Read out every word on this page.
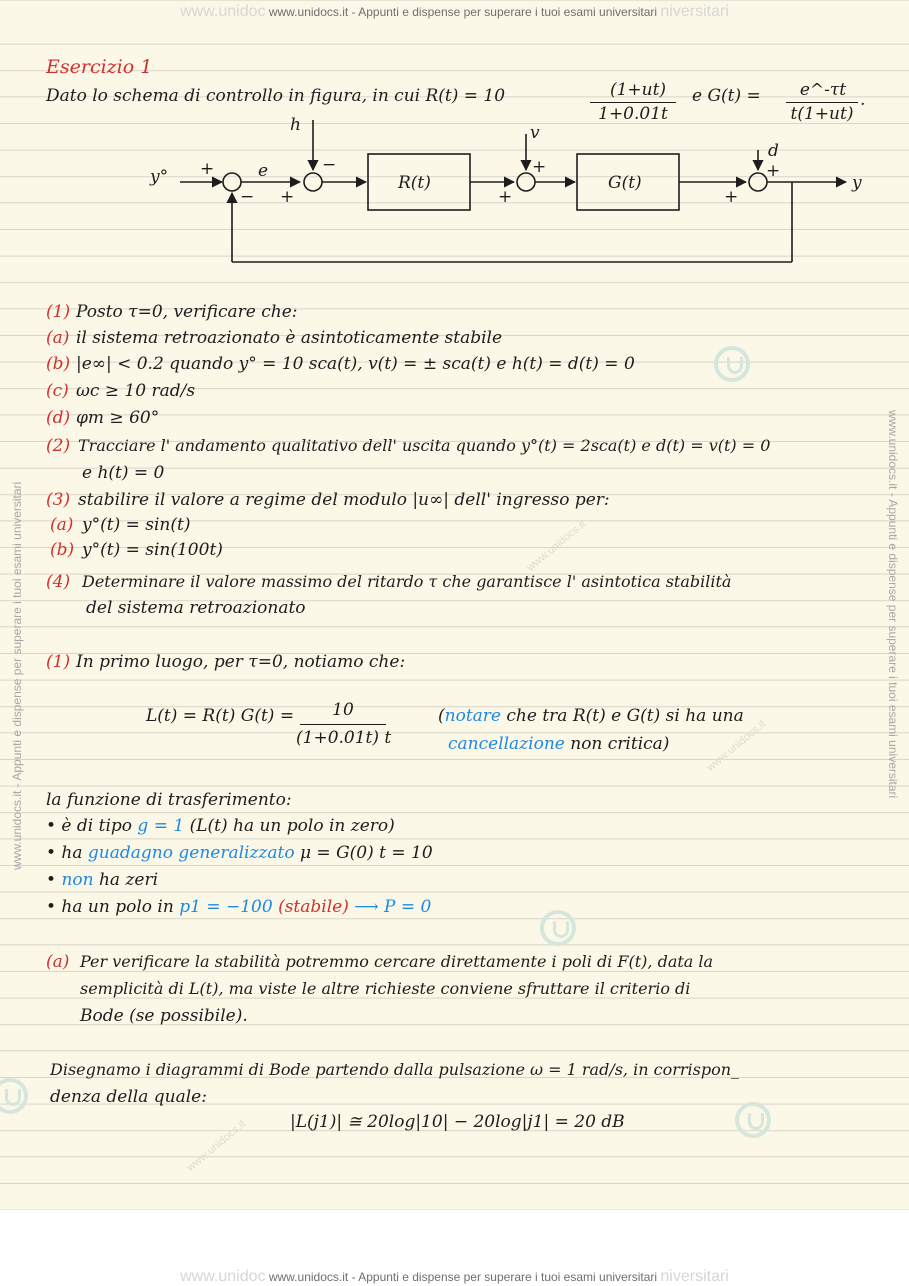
www.unidoc www.unidocs.it - Appunti e dispense per superare i tuoi esami universitari niversitari
www.unidoc www.unidocs.it - Appunti e dispense per superare i tuoi esami universitari niversitari
www.unidocs.it - Appunti e dispense per superare i tuoi esami universitari	www.unidocs.it - Appunti e dispense per superare i tuoi esami universitari
www.unidocs.it
www.unidocs.it
www.unidocs.it
Esercizio 1
Dato lo schema di controllo in figura, in cui R(t) = 10	(1+ut)
1+0.01t
e G(t) =	e^-τt
t(1+ut)
.
y° +
−
e
+
h
−
R(t)
+
v
+
G(t)
+
d
+
y
(1) Posto τ=0, verificare che:
(a) il sistema retroazionato è asintoticamente stabile
(b) |e∞| < 0.2 quando y° = 10 sca(t), v(t) = ± sca(t) e h(t) = d(t) = 0
(c) ωc ≥ 10 rad/s
(d) φm ≥ 60°
(2) Tracciare l' andamento qualitativo dell' uscita quando y°(t) = 2sca(t) e d(t) = v(t) = 0
e h(t) = 0
(3) stabilire il valore a regime del modulo |u∞| dell' ingresso per:
(a) y°(t) = sin(t)
(b) y°(t) = sin(100t)
(4) Determinare il valore massimo del ritardo τ che garantisce l' asintotica stabilità
del sistema retroazionato
(1) In primo luogo, per τ=0, notiamo che:
L(t) = R(t) G(t) =	10
(1+0.01t) t
(notare che tra R(t) e G(t) si ha una
cancellazione non critica)
la funzione di trasferimento:
• è di tipo g = 1 (L(t) ha un polo in zero)
• ha guadagno generalizzato μ = G(0) t = 10
• non ha zeri
• ha un polo in p1 = −100 (stabile) ⟶ P = 0
(a) Per verificare la stabilità potremmo cercare direttamente i poli di F(t), data la
semplicità di L(t), ma viste le altre richieste conviene sfruttare il criterio di
Bode (se possibile).
Disegnamo i diagrammi di Bode partendo dalla pulsazione ω = 1 rad/s, in corrispon_
denza della quale:
|L(j1)| ≅ 20log|10| − 20log|j1| = 20 dB
